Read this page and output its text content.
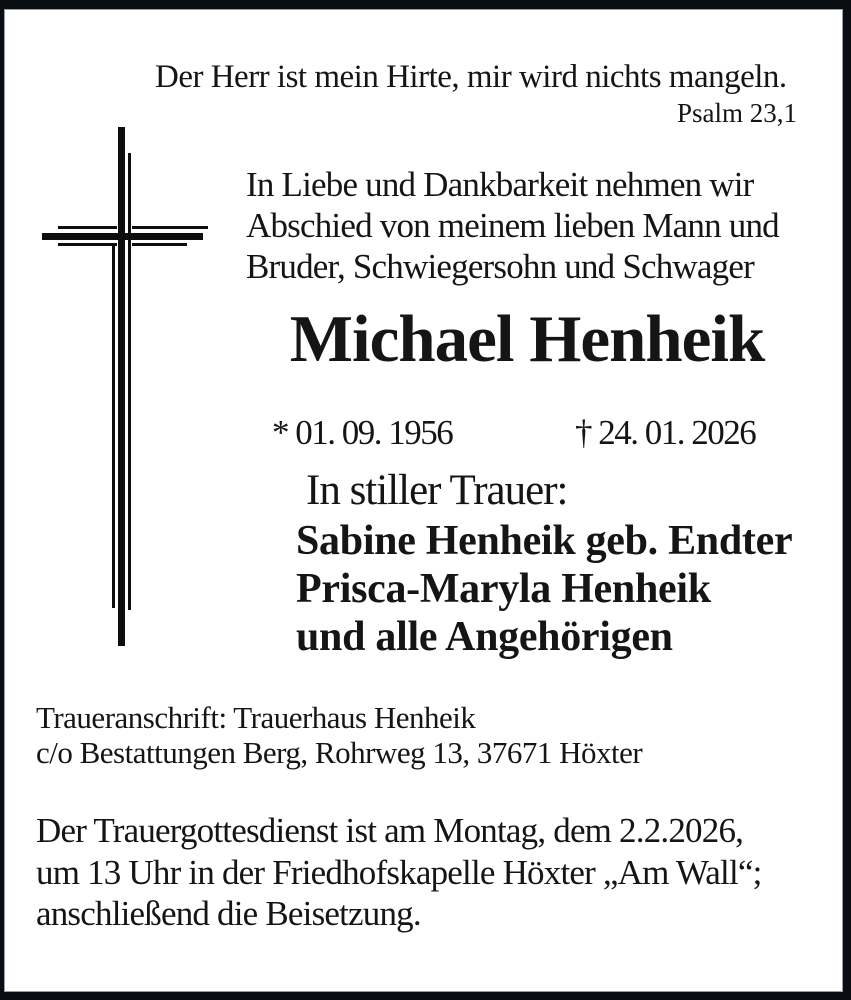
Der Herr ist mein Hirte, mir wird nichts mangeln.
Psalm 23,1
In Liebe und Dankbarkeit nehmen wir
Abschied von meinem lieben Mann und
Bruder, Schwiegersohn und Schwager
Michael Henheik
* 01. 09. 1956	† 24. 01. 2026
In stiller Trauer:
Sabine Henheik geb. Endter
Prisca-Maryla Henheik
und alle Angehörigen
Traueranschrift: Trauerhaus Henheik
c/o Bestattungen Berg, Rohrweg 13, 37671 Höxter
Der Trauergottesdienst ist am Montag, dem 2.2.2026,
um 13 Uhr in der Friedhofskapelle Höxter „Am Wall“;
anschließend die Beisetzung.
